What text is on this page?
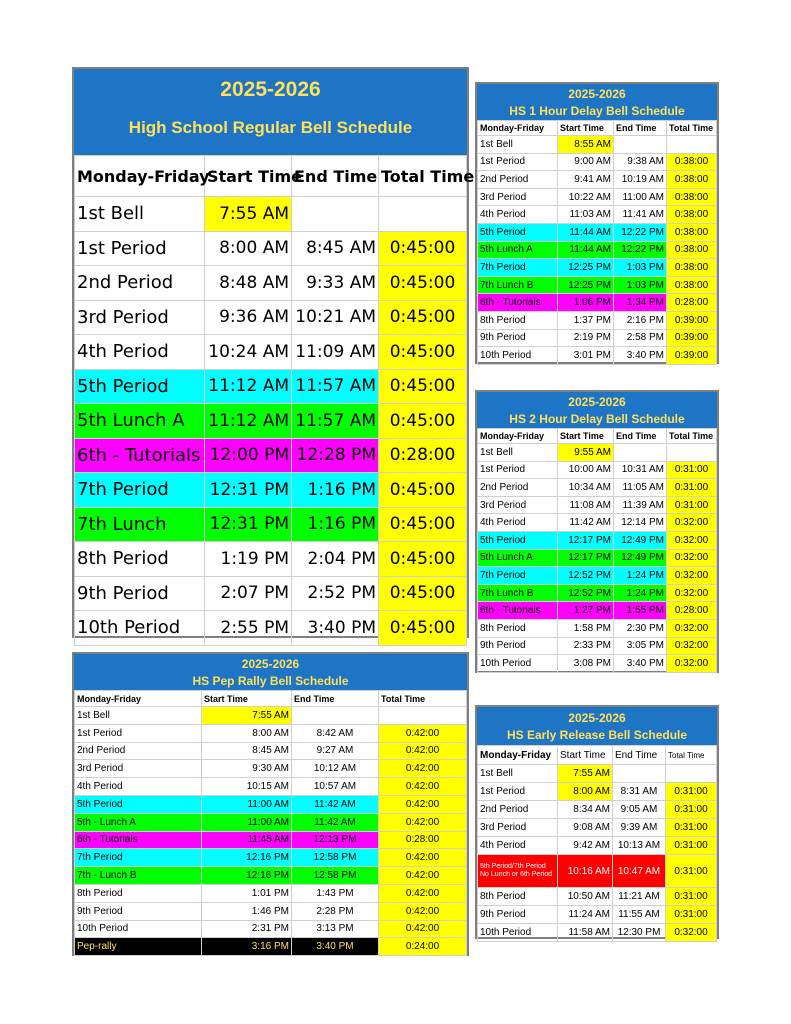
2025-2026
High School Regular Bell Schedule
Monday-Friday	Start Time	End Time	Total Time
1st Bell	7:55 AM		
1st Period	8:00 AM	8:45 AM	0:45:00
2nd Period	8:48 AM	9:33 AM	0:45:00
3rd Period	9:36 AM	10:21 AM	0:45:00
4th Period	10:24 AM	11:09 AM	0:45:00
5th Period	11:12 AM	11:57 AM	0:45:00
5th Lunch A	11:12 AM	11:57 AM	0:45:00
6th - Tutorials	12:00 PM	12:28 PM	0:28:00
7th Period	12:31 PM	1:16 PM	0:45:00
7th Lunch	12:31 PM	1:16 PM	0:45:00
8th Period	1:19 PM	2:04 PM	0:45:00
9th Period	2:07 PM	2:52 PM	0:45:00
10th Period	2:55 PM	3:40 PM	0:45:00
2025-2026
HS 1 Hour Delay Bell Schedule
Monday-Friday	Start Time	End Time	Total Time
1st Bell	8:55 AM		
1st Period	9:00 AM	9:38 AM	0:38:00
2nd Period	9:41 AM	10:19 AM	0:38:00
3rd Period	10:22 AM	11:00 AM	0:38:00
4th Period	11:03 AM	11:41 AM	0:38:00
5th Period	11:44 AM	12:22 PM	0:38:00
5th Lunch A	11:44 AM	12:22 PM	0:38:00
7th Period	12:25 PM	1:03 PM	0:38:00
7th Lunch B	12:25 PM	1:03 PM	0:38:00
6th - Tutorials	1:06 PM	1:34 PM	0:28:00
8th Period	1:37 PM	2:16 PM	0:39:00
9th Period	2:19 PM	2:58 PM	0:39:00
10th Period	3:01 PM	3:40 PM	0:39:00
2025-2026
HS 2 Hour Delay Bell Schedule
Monday-Friday	Start Time	End Time	Total Time
1st Bell	9:55 AM		
1st Period	10:00 AM	10:31 AM	0:31:00
2nd Period	10:34 AM	11:05 AM	0:31:00
3rd Period	11:08 AM	11:39 AM	0:31:00
4th Period	11:42 AM	12:14 PM	0:32:00
5th Period	12:17 PM	12:49 PM	0:32:00
5th Lunch A	12:17 PM	12:49 PM	0:32:00
7th Period	12:52 PM	1:24 PM	0:32:00
7th Lunch B	12:52 PM	1:24 PM	0:32:00
6th - Tutorials	1:27 PM	1:55 PM	0:28:00
8th Period	1:58 PM	2:30 PM	0:32:00
9th Period	2:33 PM	3:05 PM	0:32:00
10th Period	3:08 PM	3:40 PM	0:32:00
2025-2026
HS Pep Rally Bell Schedule
Monday-Friday	Start Time	End Time	Total Time
1st Bell	7:55 AM		
1st Period	8:00 AM	8:42 AM	0:42:00
2nd Period	8:45 AM	9:27 AM	0:42:00
3rd Period	9:30 AM	10:12 AM	0:42:00
4th Period	10:15 AM	10:57 AM	0:42:00
5th Period	11:00 AM	11:42 AM	0:42:00
5th - Lunch A	11:00 AM	11:42 AM	0:42:00
6th - Tutorials	11:45 AM	12:13 PM	0:28:00
7th Period	12:16 PM	12:58 PM	0:42:00
7th - Lunch B	12:16 PM	12:58 PM	0:42:00
8th Period	1:01 PM	1:43 PM	0:42:00
9th Period	1:46 PM	2:28 PM	0:42:00
10th Period	2:31 PM	3:13 PM	0:42:00
Pep-rally	3:16 PM	3:40 PM	0:24:00
2025-2026
HS Early Release Bell Schedule
Monday-Friday	Start Time	End Time	Total Time
1st Bell	7:55 AM		
1st Period	8:00 AM	8:31 AM	0:31:00
2nd Period	8:34 AM	9:05 AM	0:31:00
3rd Period	9:08 AM	9:39 AM	0:31:00
4th Period	9:42 AM	10:13 AM	0:31:00
5th Period/7th Period No Lunch or 6th Period	10:16 AM	10:47 AM	0:31:00
8th Period	10:50 AM	11:21 AM	0:31:00
9th Period	11:24 AM	11:55 AM	0:31:00
10th Period	11:58 AM	12:30 PM	0:32:00
